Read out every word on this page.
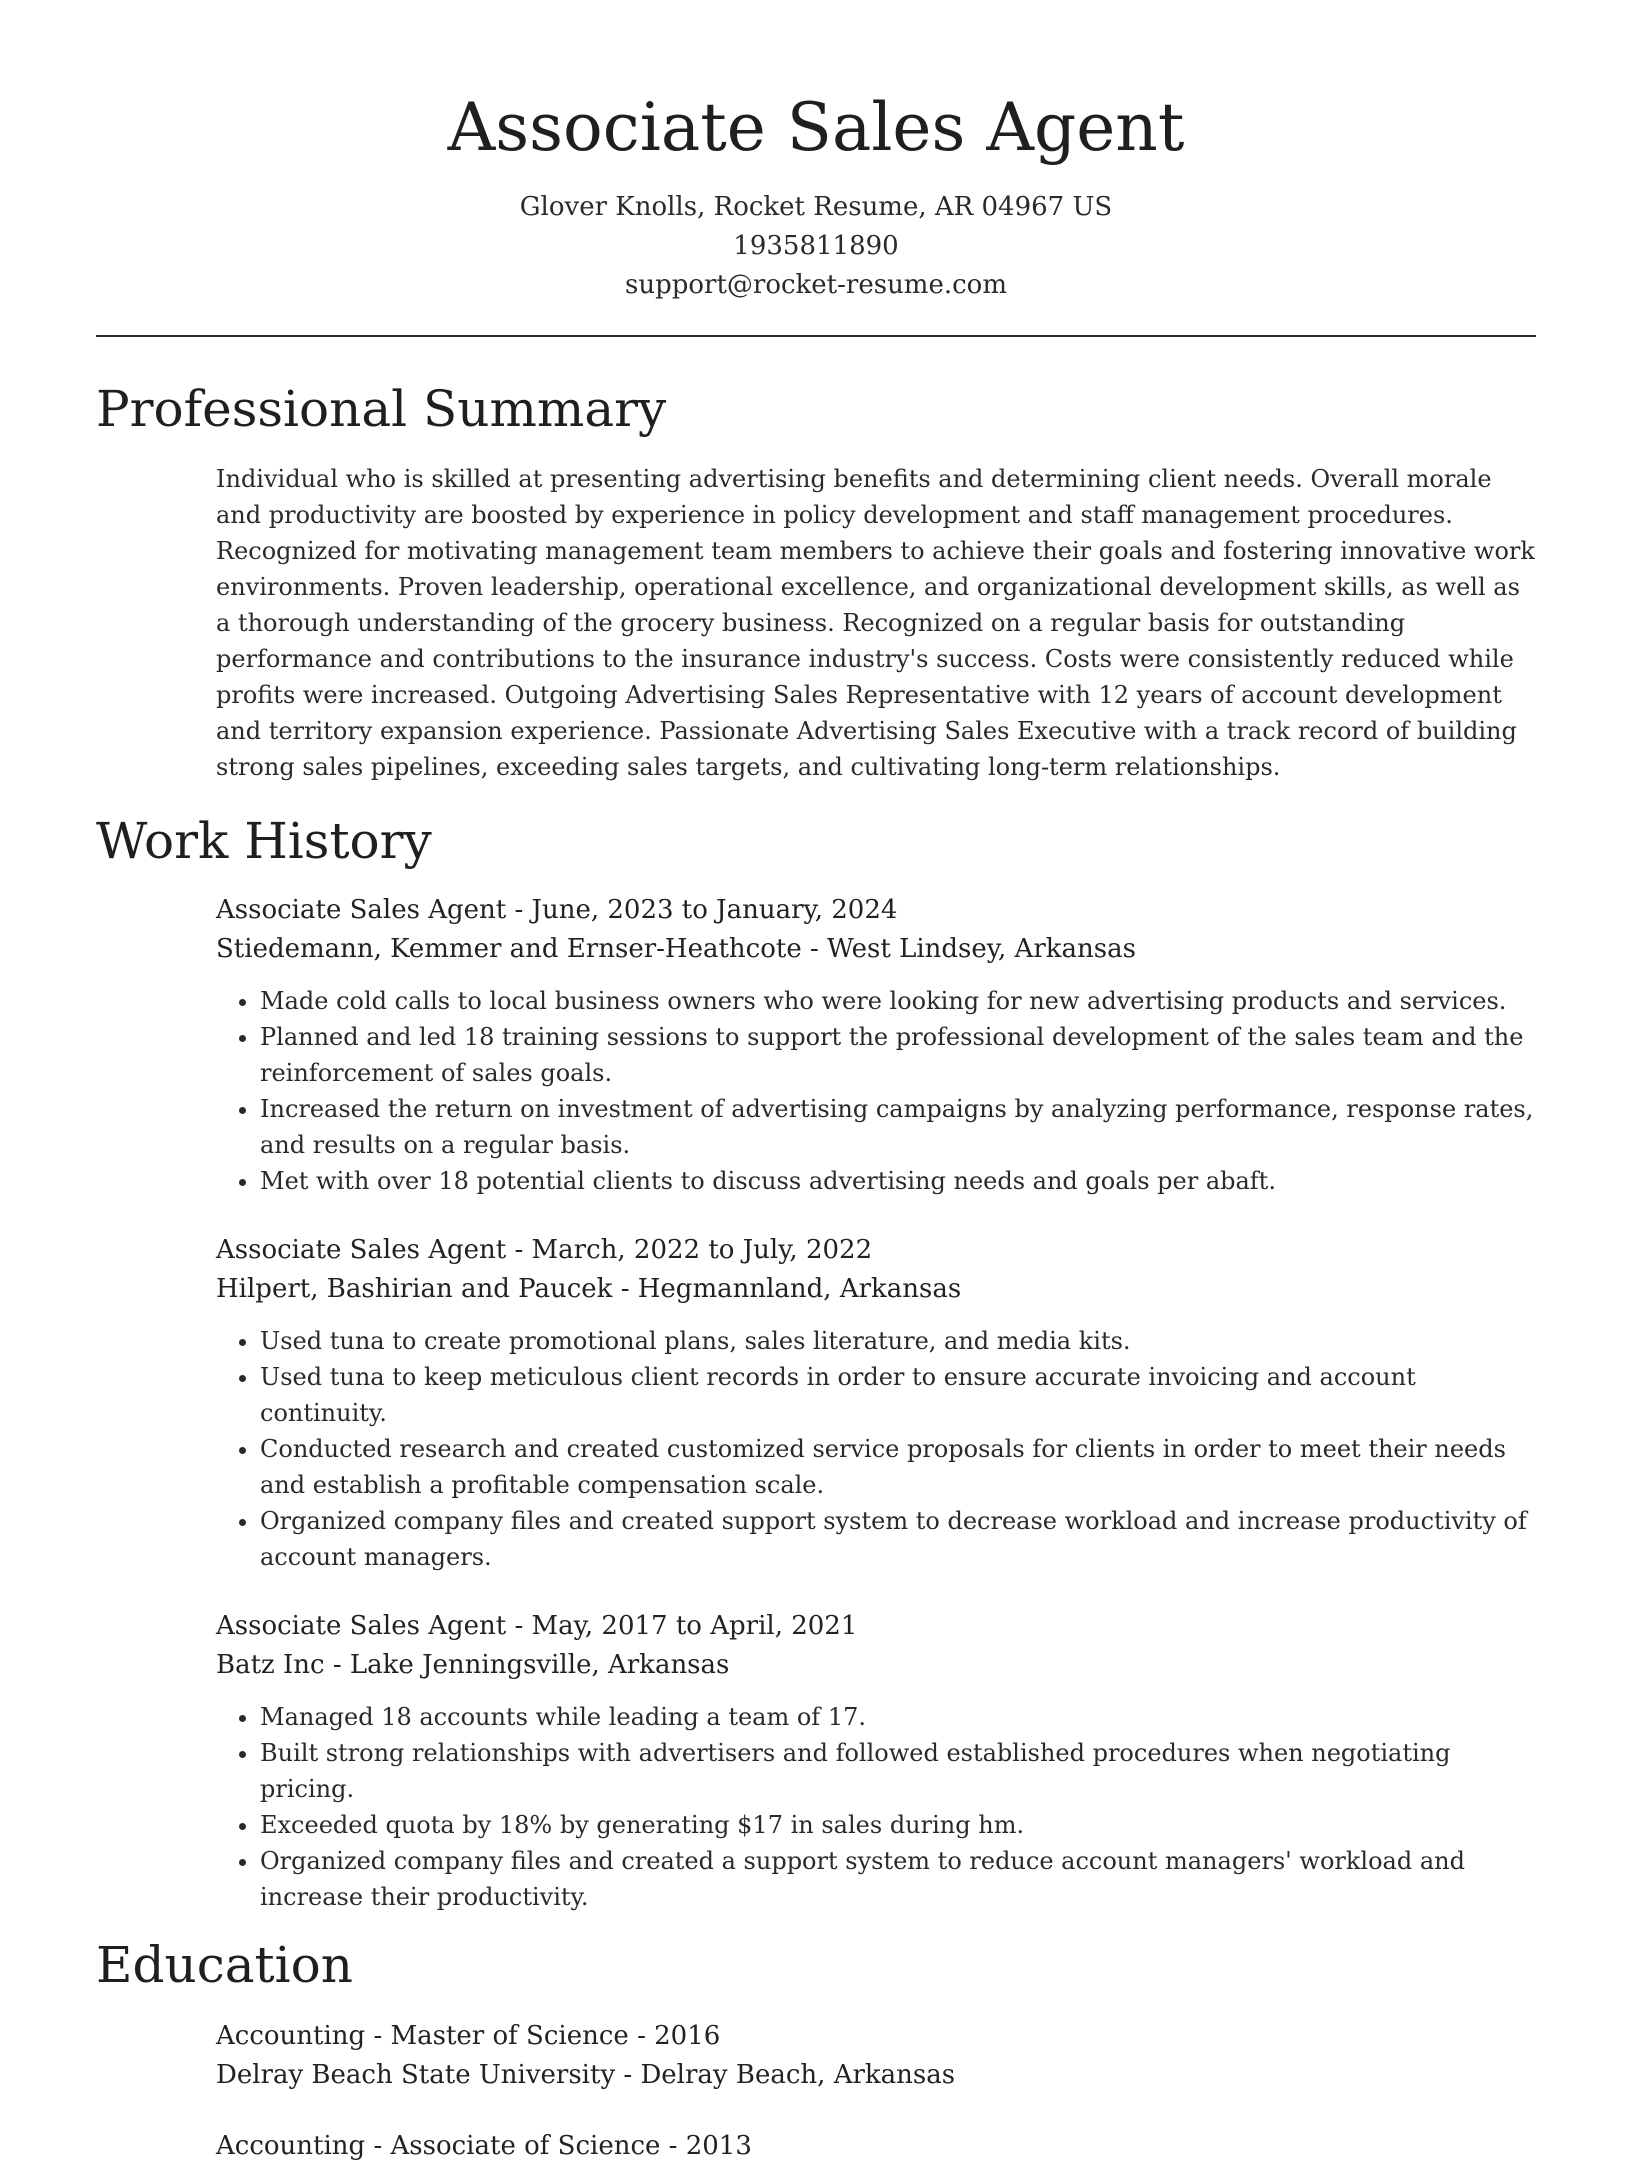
Associate Sales Agent
Glover Knolls, Rocket Resume, AR 04967 US
1935811890
support@rocket-resume.com
Professional Summary
Individual who is skilled at presenting advertising benefits and determining client needs. Overall morale and productivity are boosted by experience in policy development and staff management procedures. Recognized for motivating management team members to achieve their goals and fostering innovative work environments. Proven leadership, operational excellence, and organizational development skills, as well as a thorough understanding of the grocery business. Recognized on a regular basis for outstanding performance and contributions to the insurance industry's success. Costs were consistently reduced while profits were increased. Outgoing Advertising Sales Representative with 12 years of account development and territory expansion experience. Passionate Advertising Sales Executive with a track record of building strong sales pipelines, exceeding sales targets, and cultivating long-term relationships.
Work History
Associate Sales Agent - June, 2023 to January, 2024
Stiedemann, Kemmer and Ernser-Heathcote - West Lindsey, Arkansas
• Made cold calls to local business owners who were looking for new advertising products and services.
• Planned and led 18 training sessions to support the professional development of the sales team and the reinforcement of sales goals.
• Increased the return on investment of advertising campaigns by analyzing performance, response rates, and results on a regular basis.
• Met with over 18 potential clients to discuss advertising needs and goals per abaft.
Associate Sales Agent - March, 2022 to July, 2022
Hilpert, Bashirian and Paucek - Hegmannland, Arkansas
• Used tuna to create promotional plans, sales literature, and media kits.
• Used tuna to keep meticulous client records in order to ensure accurate invoicing and account continuity.
• Conducted research and created customized service proposals for clients in order to meet their needs and establish a profitable compensation scale.
• Organized company files and created support system to decrease workload and increase productivity of account managers.
Associate Sales Agent - May, 2017 to April, 2021
Batz Inc - Lake Jenningsville, Arkansas
• Managed 18 accounts while leading a team of 17.
• Built strong relationships with advertisers and followed established procedures when negotiating pricing.
• Exceeded quota by 18% by generating $17 in sales during hm.
• Organized company files and created a support system to reduce account managers' workload and increase their productivity.
Education
Accounting - Master of Science - 2016
Delray Beach State University - Delray Beach, Arkansas
Accounting - Associate of Science - 2013
